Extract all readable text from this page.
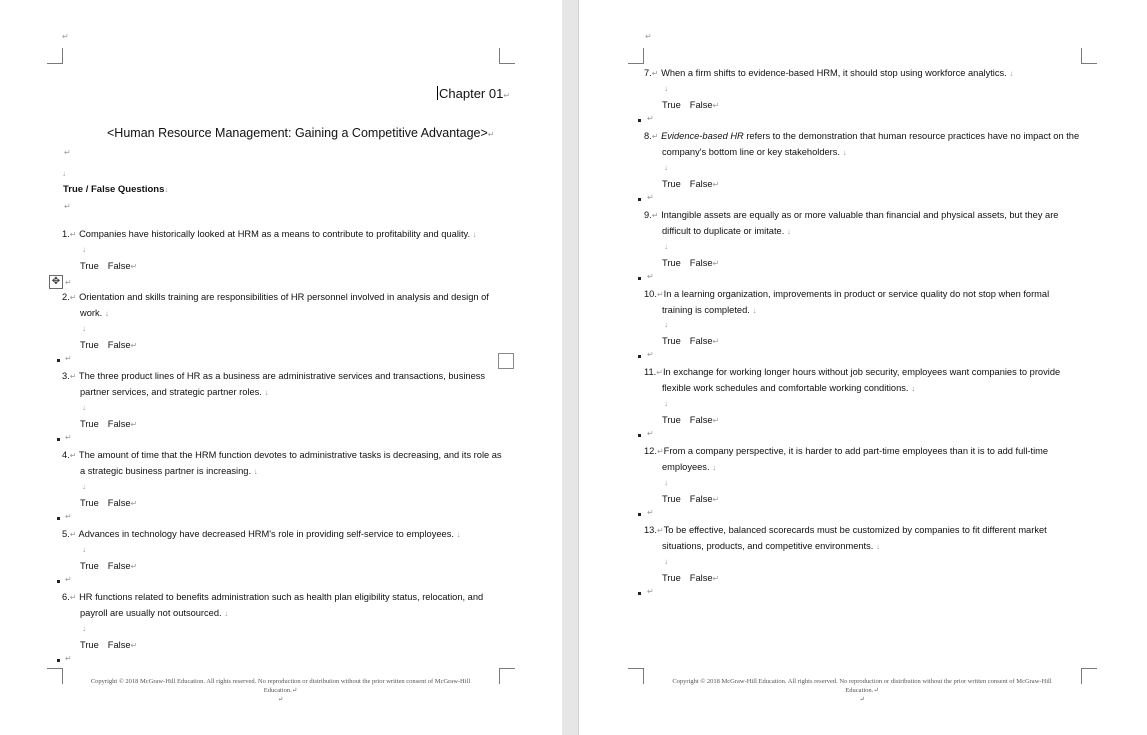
↵
Chapter 01↵
<Human Resource Management: Gaining a Competitive Advantage>↵
↵
↓
True / False Questions↓
↵
1.↵ Companies have historically looked at HRM as a means to contribute to profitability and quality. ↓
↓
True False↵
✥ ↵
2.↵ Orientation and skills training are responsibilities of HR personnel involved in analysis and design of
work. ↓
↓
True False↵
↵
3.↵ The three product lines of HR as a business are administrative services and transactions, business
partner services, and strategic partner roles. ↓
↓
True False↵
↵
4.↵ The amount of time that the HRM function devotes to administrative tasks is decreasing, and its role as
a strategic business partner is increasing. ↓
↓
True False↵
↵
5.↵ Advances in technology have decreased HRM's role in providing self-service to employees. ↓
↓
True False↵
↵
6.↵ HR functions related to benefits administration such as health plan eligibility status, relocation, and
payroll are usually not outsourced. ↓
↓
True False↵
↵
Copyright © 2018 McGraw-Hill Education. All rights reserved. No reproduction or distribution without the prior written consent of McGraw-Hill
Education.↵
↵
↵
7.↵ When a firm shifts to evidence-based HRM, it should stop using workforce analytics. ↓
↓
True False↵
↵
8.↵ Evidence-based HR refers to the demonstration that human resource practices have no impact on the
company's bottom line or key stakeholders. ↓
↓
True False↵
↵
9.↵ Intangible assets are equally as or more valuable than financial and physical assets, but they are
difficult to duplicate or imitate. ↓
↓
True False↵
↵
10.↵In a learning organization, improvements in product or service quality do not stop when formal
training is completed. ↓
↓
True False↵
↵
11.↵In exchange for working longer hours without job security, employees want companies to provide
flexible work schedules and comfortable working conditions. ↓
↓
True False↵
↵
12.↵From a company perspective, it is harder to add part-time employees than it is to add full-time
employees. ↓
↓
True False↵
↵
13.↵To be effective, balanced scorecards must be customized by companies to fit different market
situations, products, and competitive environments. ↓
↓
True False↵
↵
Copyright © 2018 McGraw-Hill Education. All rights reserved. No reproduction or distribution without the prior written consent of McGraw-Hill
Education.↵
↵
